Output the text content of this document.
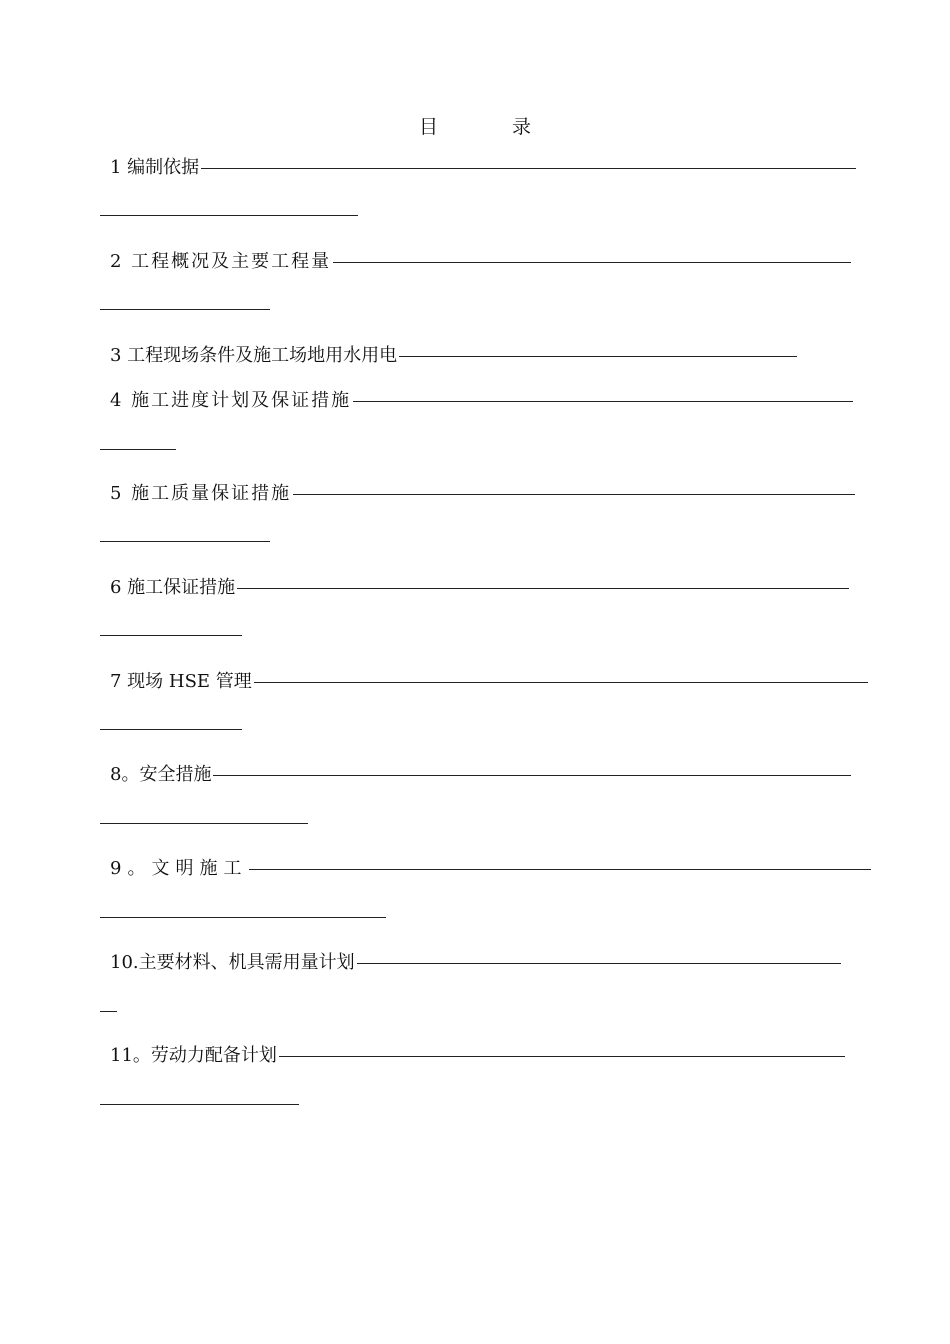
目	录
1 编制依据
2 工程概况及主要工程量
3 工程现场条件及施工场地用水用电
4 施工进度计划及保证措施
5 施工质量保证措施
6 施工保证措施
7 现场 HSE 管理
8。安全措施
9。文明施工
10.主要材料、机具需用量计划
11。劳动力配备计划
